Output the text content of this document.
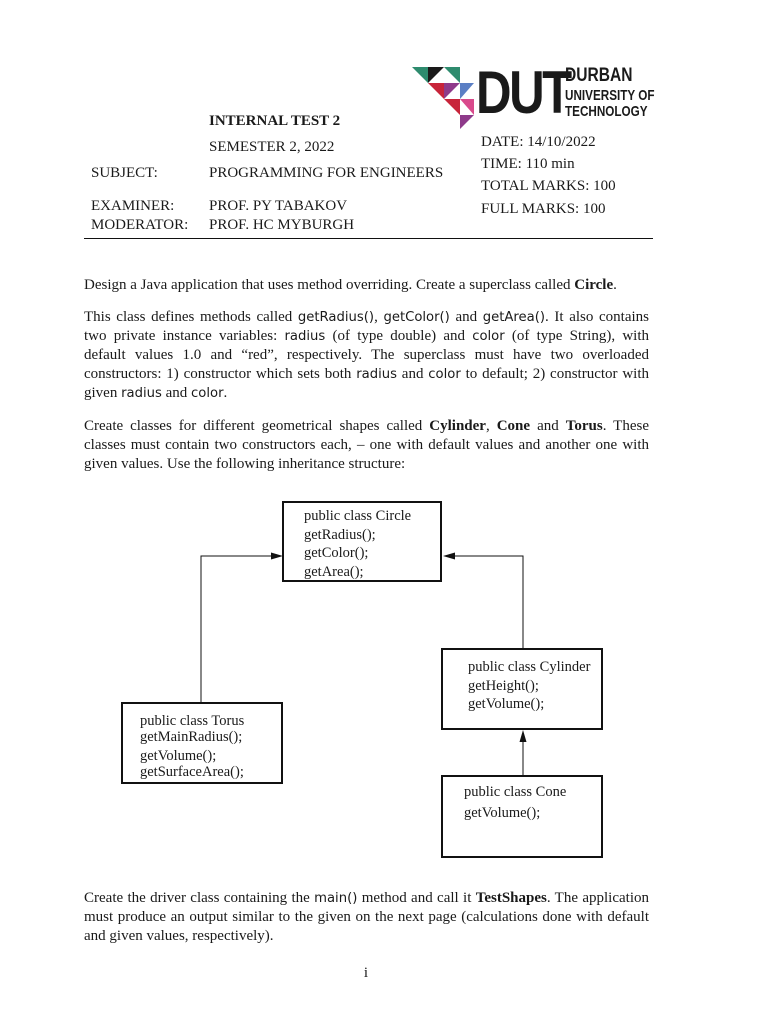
DUT
DURBAN
UNIVERSITY OF
TECHNOLOGY
INTERNAL TEST 2
SEMESTER 2, 2022
SUBJECT:	PROGRAMMING FOR ENGINEERS
EXAMINER: PROF. PY TABAKOV
MODERATOR: PROF. HC MYBURGH
DATE: 14/10/2022
TIME: 110 min
TOTAL MARKS: 100
FULL MARKS: 100

Design a Java application that uses method overriding. Create a superclass called Circle.

This class defines methods called getRadius(), getColor() and getArea(). It also contains two private instance variables: radius (of type double) and color (of type String), with default values 1.0 and “red”, respectively. The superclass must have two overloaded constructors: 1) constructor which sets both radius and color to default; 2) constructor with given radius and color.

Create classes for different geometrical shapes called Cylinder, Cone and Torus. These classes must contain two constructors each, – one with default values and another one with given values. Use the following inheritance structure:

public class Circle
getRadius();
getColor();
getArea();
public class Cylinder
getHeight();
getVolume();
public class Torus
getMainRadius();
getVolume();
getSurfaceArea();
public class Cone
getVolume();

Create the driver class containing the main() method and call it TestShapes. The application must produce an output similar to the given on the next page (calculations done with default and given values, respectively).

i
